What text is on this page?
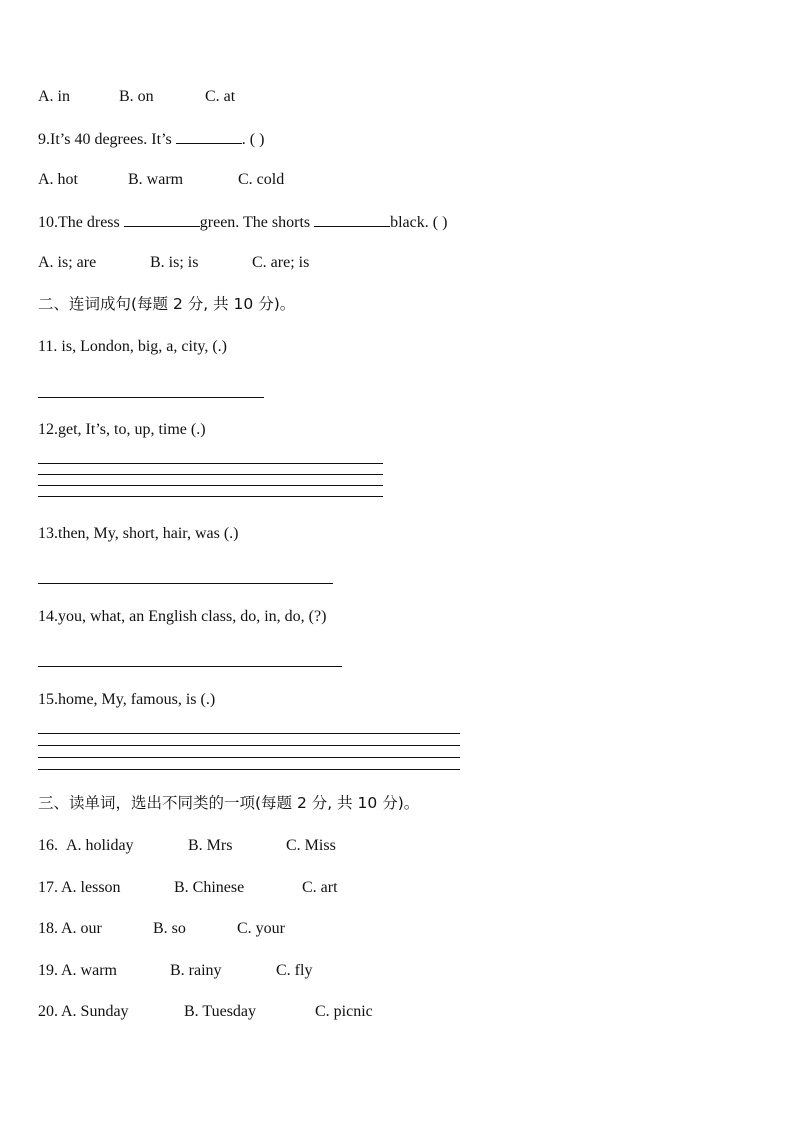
A. in	B. on	C. at
9.It’s 40 degrees. It’s	. ( )
A. hot	B. warm	C. cold
10.The dress	green. The shorts	black. ( )
A. is; are	B. is; is	C. are; is
二、连词成句(每题 2 分, 共 10 分)。
11. is, London, big, a, city, (.)
12.get, It’s, to, up, time (.)
13.then, My, short, hair, was (.)
14.you, what, an English class, do, in, do, (?)
15.home, My, famous, is (.)
三、读单词，选出不同类的一项(每题 2 分, 共 10 分)。
16. A. holiday	B. Mrs	C. Miss
17. A. lesson	B. Chinese	C. art
18. A. our	B. so	C. your
19. A. warm	B. rainy	C. fly
20. A. Sunday	B. Tuesday	C. picnic
